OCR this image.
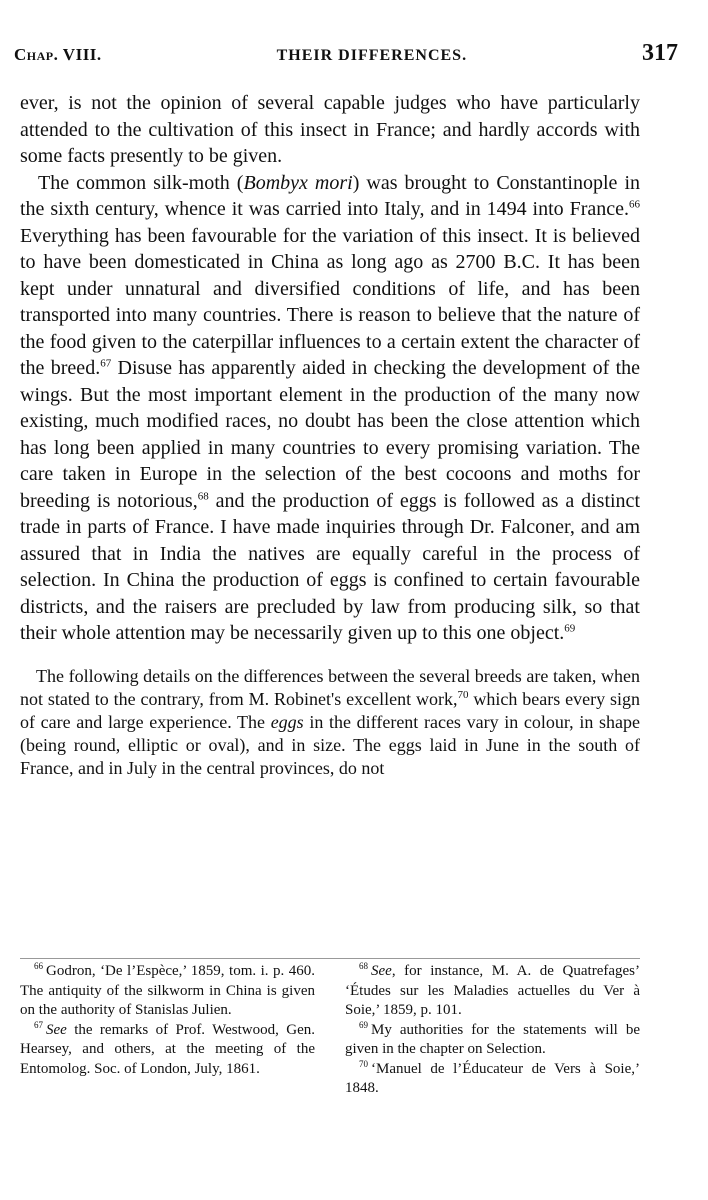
Chap. VIII.	THEIR DIFFERENCES.	317

ever, is not the opinion of several capable judges who have particularly attended to the cultivation of this insect in France; and hardly accords with some facts presently to be given.

The common silk-moth (Bombyx mori) was brought to Constantinople in the sixth century, whence it was carried into Italy, and in 1494 into France.$^{66}$ Everything has been favourable for the variation of this insect. It is believed to have been domesticated in China as long ago as 2700 B.C. It has been kept under unnatural and diversified conditions of life, and has been transported into many countries. There is reason to believe that the nature of the food given to the caterpillar influences to a certain extent the character of the breed.$^{67}$ Disuse has apparently aided in checking the development of the wings. But the most important element in the production of the many now existing, much modified races, no doubt has been the close attention which has long been applied in many countries to every promising variation. The care taken in Europe in the selection of the best cocoons and moths for breeding is notorious,$^{68}$ and the production of eggs is followed as a distinct trade in parts of France. I have made inquiries through Dr. Falconer, and am assured that in India the natives are equally careful in the process of selection. In China the production of eggs is confined to certain favourable districts, and the raisers are precluded by law from producing silk, so that their whole attention may be necessarily given up to this one object.$^{69}$

The following details on the differences between the several breeds are taken, when not stated to the contrary, from M. Robinet's excellent work,$^{70}$ which bears every sign of care and large experience. The eggs in the different races vary in colour, in shape (being round, elliptic or oval), and in size. The eggs laid in June in the south of France, and in July in the central provinces, do not

$^{66}$ Godron, ‘De l’Espèce,’ 1859, tom. i. p. 460. The antiquity of the silkworm in China is given on the authority of Stanislas Julien.

$^{67}$ See the remarks of Prof. Westwood, Gen. Hearsey, and others, at the meeting of the Entomolog. Soc. of London, July, 1861.

$^{68}$ See, for instance, M. A. de Quatrefages’ ‘Études sur les Maladies actuelles du Ver à Soie,’ 1859, p. 101.

$^{69}$ My authorities for the statements will be given in the chapter on Selection.

$^{70}$ ‘Manuel de l’Éducateur de Vers à Soie,’ 1848.
